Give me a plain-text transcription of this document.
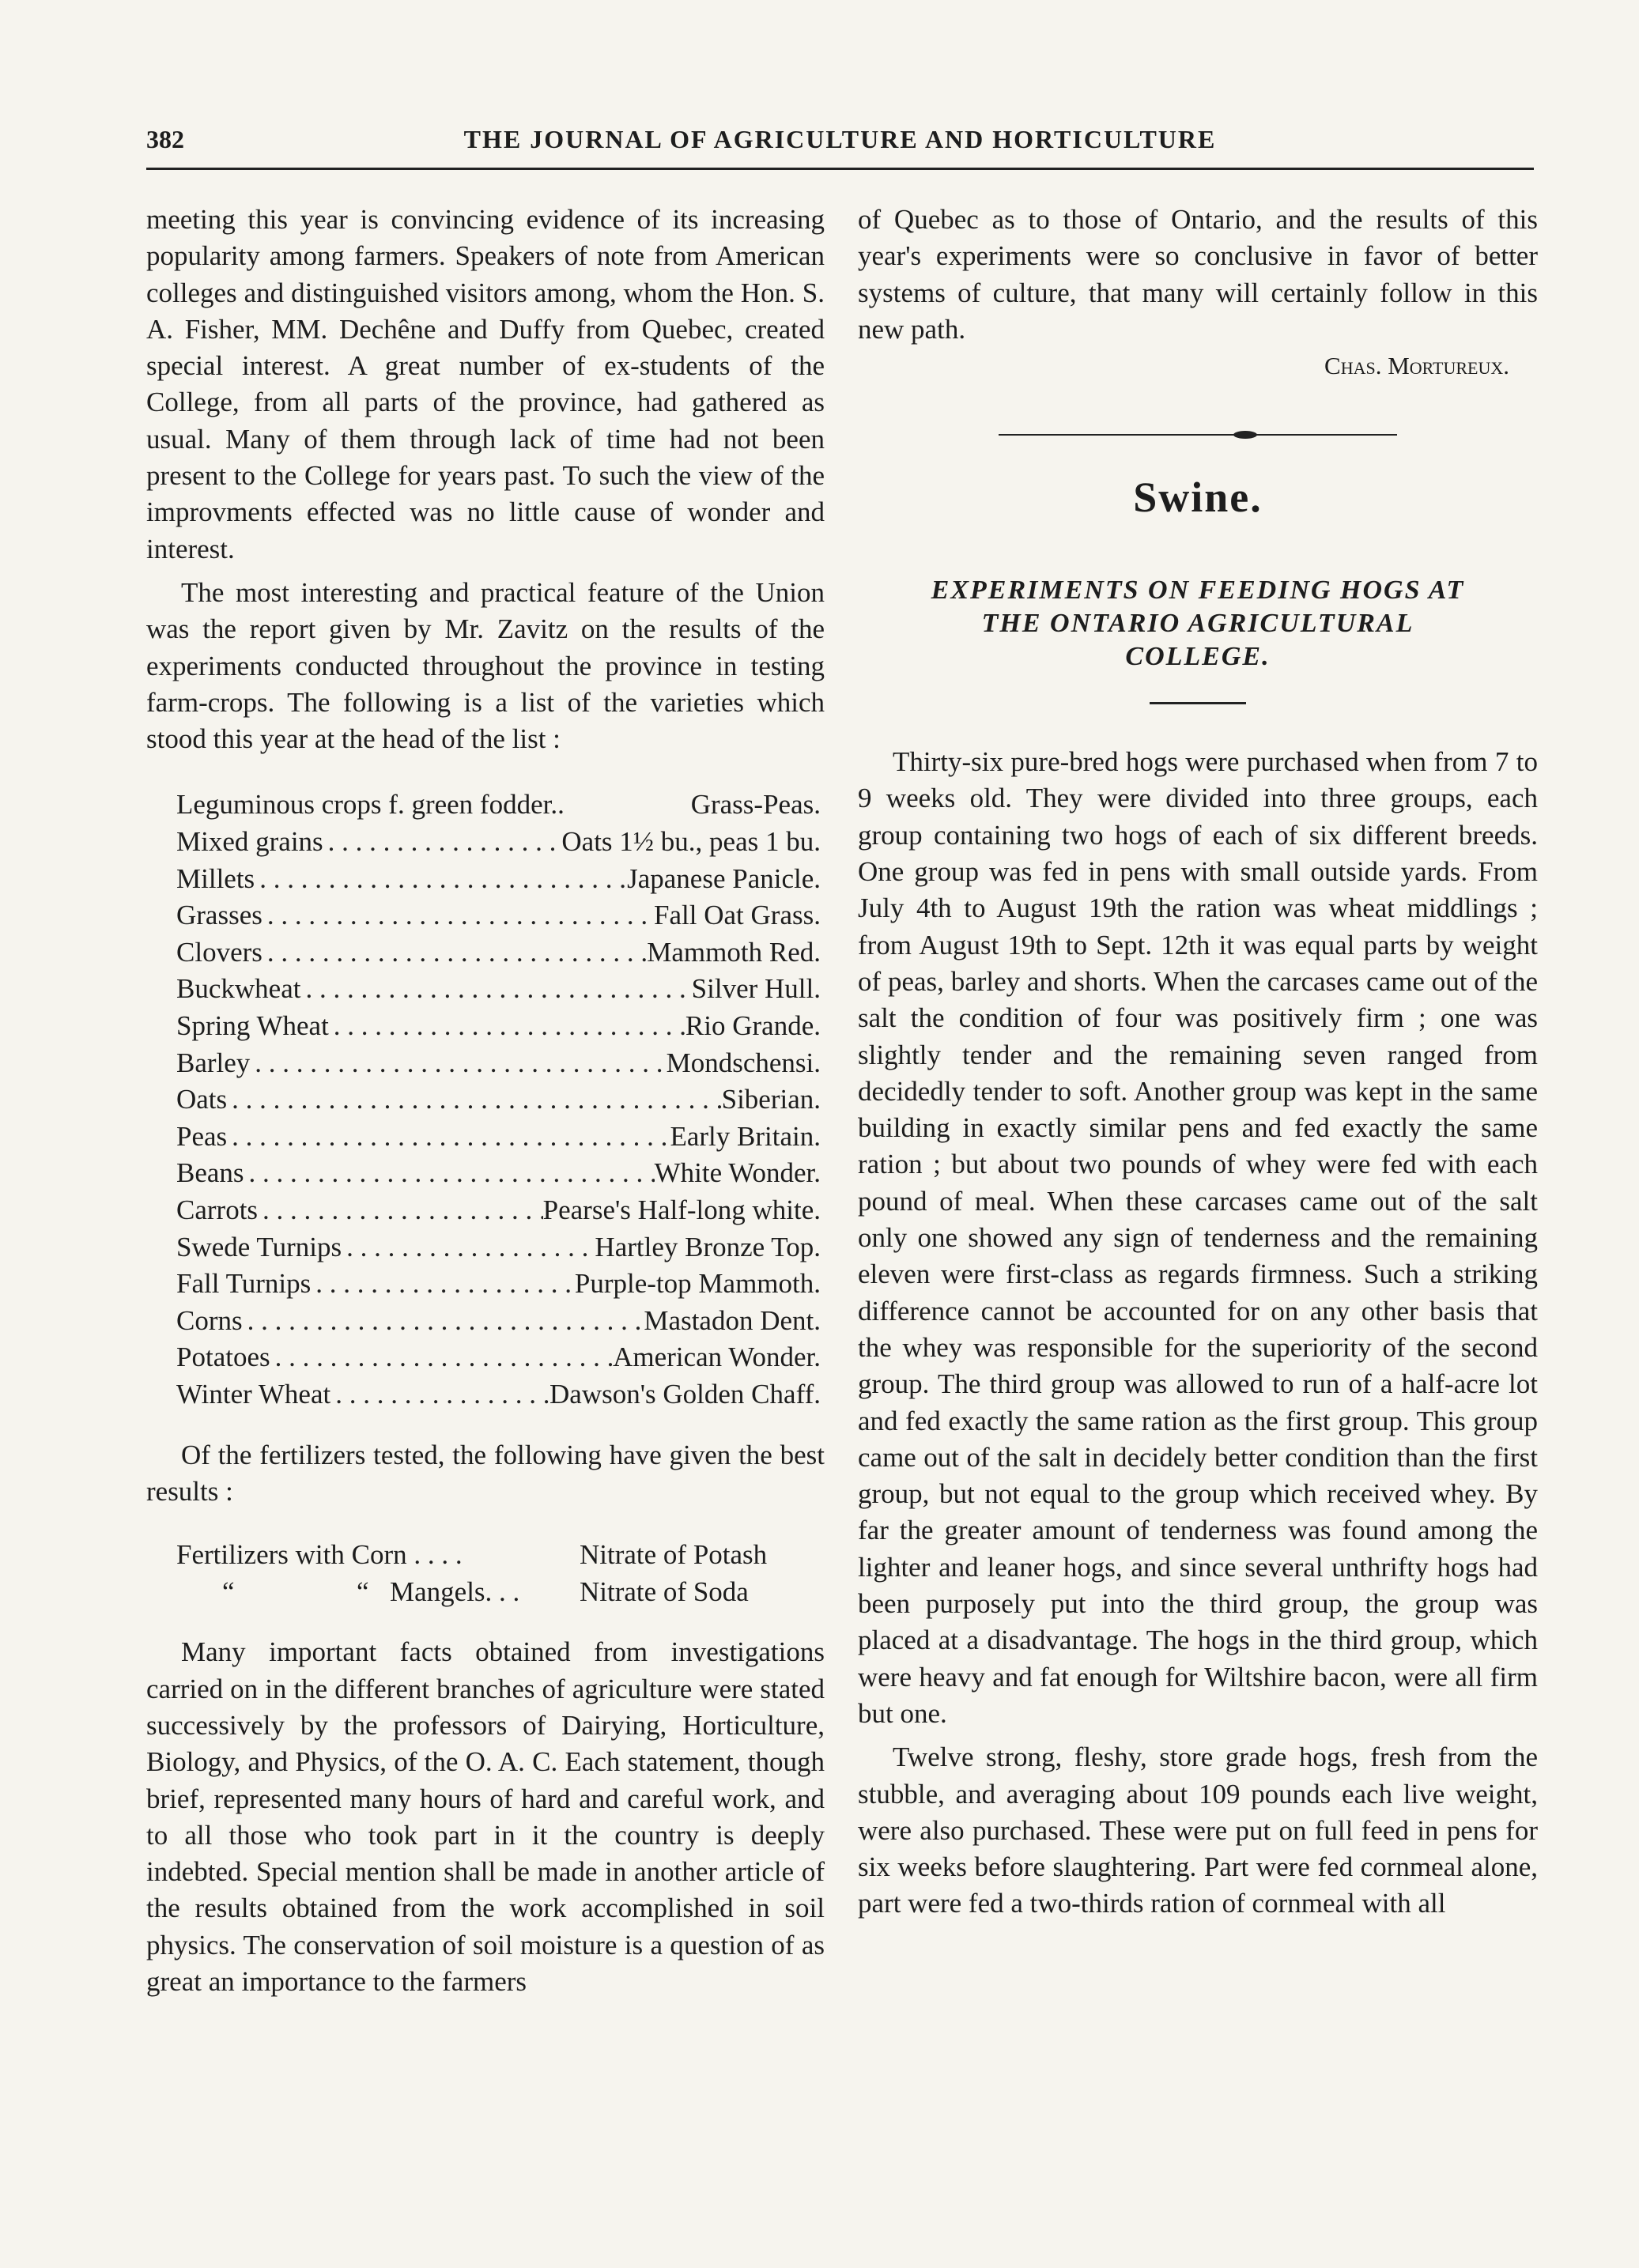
382	THE JOURNAL OF AGRICULTURE AND HORTICULTURE

meeting this year is convincing evidence of its increasing popularity among farmers. Speakers of note from American colleges and distinguished visitors among, whom the Hon. S. A. Fisher, MM. Dechêne and Duffy from Quebec, created special interest. A great number of ex-students of the College, from all parts of the province, had gathered as usual. Many of them through lack of time had not been present to the College for years past. To such the view of the improvments effected was no little cause of wonder and interest.

The most interesting and practical feature of the Union was the report given by Mr. Zavitz on the results of the experiments conducted throughout the province in testing farm-crops. The following is a list of the varieties which stood this year at the head of the list :

Leguminous crops f. green fodder..	Grass-Peas.
Mixed grains . . .	Oats 1½ bu., peas 1 bu.
Millets . . .	Japanese Panicle.
Grasses . . .	Fall Oat Grass.
Clovers . . .	Mammoth Red.
Buckwheat . . .	Silver Hull.
Spring Wheat . . .	Rio Grande.
Barley . . .	Mondschensi.
Oats . . .	Siberian.
Peas . . .	Early Britain.
Beans . . .	White Wonder.
Carrots . . .	Pearse's Half-long white.
Swede Turnips . . .	Hartley Bronze Top.
Fall Turnips . . .	Purple-top Mammoth.
Corns . . .	Mastadon Dent.
Potatoes . . .	American Wonder.
Winter Wheat . . .	Dawson's Golden Chaff.

Of the fertilizers tested, the following have given the best results :

Fertilizers with Corn . . . .	Nitrate of Potash
“	“ Mangels. . . Nitrate of Soda

Many important facts obtained from investigations carried on in the different branches of agriculture were stated successively by the professors of Dairying, Horticulture, Biology, and Physics, of the O. A. C. Each statement, though brief, represented many hours of hard and careful work, and to all those who took part in it the country is deeply indebted. Special mention shall be made in another article of the results obtained from the work accomplished in soil physics. The conservation of soil moisture is a question of as great an importance to the farmers

of Quebec as to those of Ontario, and the results of this year's experiments were so conclusive in favor of better systems of culture, that many will certainly follow in this new path.

Chas. Mortureux.
Swine.
EXPERIMENTS ON FEEDING HOGS AT
THE ONTARIO AGRICULTURAL
COLLEGE.

Thirty-six pure-bred hogs were purchased when from 7 to 9 weeks old. They were divided into three groups, each group containing two hogs of each of six different breeds. One group was fed in pens with small outside yards. From July 4th to August 19th the ration was wheat middlings ; from August 19th to Sept. 12th it was equal parts by weight of peas, barley and shorts. When the carcases came out of the salt the condition of four was positively firm ; one was slightly tender and the remaining seven ranged from decidedly tender to soft. Another group was kept in the same building in exactly similar pens and fed exactly the same ration ; but about two pounds of whey were fed with each pound of meal. When these carcases came out of the salt only one showed any sign of tenderness and the remaining eleven were first-class as regards firmness. Such a striking difference cannot be accounted for on any other basis that the whey was responsible for the superiority of the second group. The third group was allowed to run of a half-acre lot and fed exactly the same ration as the first group. This group came out of the salt in decidely better condition than the first group, but not equal to the group which received whey. By far the greater amount of tenderness was found among the lighter and leaner hogs, and since several unthrifty hogs had been purposely put into the third group, the group was placed at a disadvantage. The hogs in the third group, which were heavy and fat enough for Wiltshire bacon, were all firm but one.

Twelve strong, fleshy, store grade hogs, fresh from the stubble, and averaging about 109 pounds each live weight, were also purchased. These were put on full feed in pens for six weeks before slaughtering. Part were fed cornmeal alone, part were fed a two-thirds ration of cornmeal with all
